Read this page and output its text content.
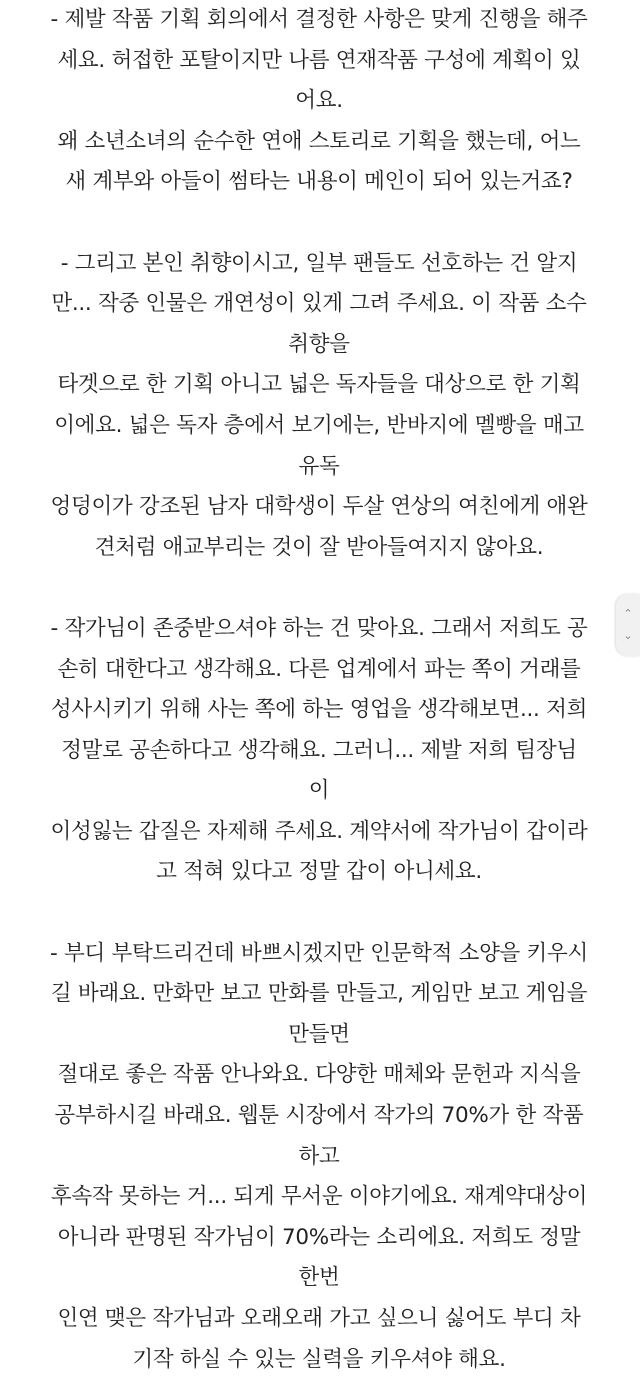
- 제발 작품 기획 회의에서 결정한 사항은 맞게 진행을 해주
세요. 허접한 포탈이지만 나름 연재작품 구성에 계획이 있
어요.
왜 소년소녀의 순수한 연애 스토리로 기획을 했는데, 어느
새 계부와 아들이 썸타는 내용이 메인이 되어 있는거죠?
- 그리고 본인 취향이시고, 일부 팬들도 선호하는 건 알지
만... 작중 인물은 개연성이 있게 그려 주세요. 이 작품 소수
취향을
타겟으로 한 기획 아니고 넓은 독자들을 대상으로 한 기획
이에요. 넓은 독자 층에서 보기에는, 반바지에 멜빵을 매고
유독
엉덩이가 강조된 남자 대학생이 두살 연상의 여친에게 애완
견처럼 애교부리는 것이 잘 받아들여지지 않아요.
- 작가님이 존중받으셔야 하는 건 맞아요. 그래서 저희도 공
손히 대한다고 생각해요. 다른 업계에서 파는 쪽이 거래를
성사시키기 위해 사는 쪽에 하는 영업을 생각해보면... 저희
정말로 공손하다고 생각해요. 그러니... 제발 저희 팀장님
이
이성잃는 갑질은 자제해 주세요. 계약서에 작가님이 갑이라
고 적혀 있다고 정말 갑이 아니세요.
- 부디 부탁드리건데 바쁘시겠지만 인문학적 소양을 키우시
길 바래요. 만화만 보고 만화를 만들고, 게임만 보고 게임을
만들면
절대로 좋은 작품 안나와요. 다양한 매체와 문헌과 지식을
공부하시길 바래요. 웹툰 시장에서 작가의 70%가 한 작품
하고
후속작 못하는 거... 되게 무서운 이야기에요. 재계약대상이
아니라 판명된 작가님이 70%라는 소리에요. 저희도 정말
한번
인연 맺은 작가님과 오래오래 가고 싶으니 싫어도 부디 차
기작 하실 수 있는 실력을 키우셔야 해요.
⌃
⌄
